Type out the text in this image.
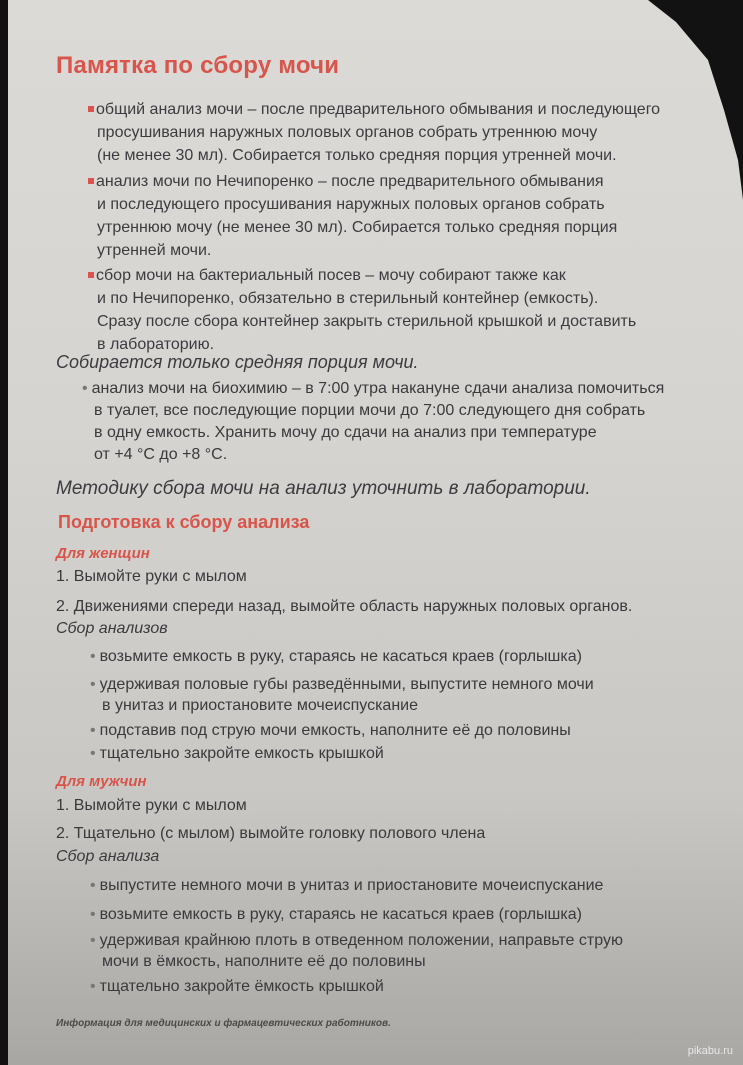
Памятка по сбору мочи
общий анализ мочи – после предварительного обмывания и последующего
просушивания наружных половых органов собрать утреннюю мочу
(не менее 30 мл). Собирается только средняя порция утренней мочи.
анализ мочи по Нечипоренко – после предварительного обмывания
и последующего просушивания наружных половых органов собрать
утреннюю мочу (не менее 30 мл). Собирается только средняя порция
утренней мочи.
сбор мочи на бактериальный посев – мочу собирают также как
и по Нечипоренко, обязательно в стерильный контейнер (емкость).
Сразу после сбора контейнер закрыть стерильной крышкой и доставить
в лабораторию.
Собирается только средняя порция мочи.
• анализ мочи на биохимию – в 7:00 утра накануне сдачи анализа помочиться
в туалет, все последующие порции мочи до 7:00 следующего дня собрать
в одну емкость. Хранить мочу до сдачи на анализ при температуре
от +4 °С до +8 °С.
Методику сбора мочи на анализ уточнить в лаборатории.
Подготовка к сбору анализа
Для женщин
1. Вымойте руки с мылом
2. Движениями спереди назад, вымойте область наружных половых органов.
Сбор анализов
• возьмите емкость в руку, стараясь не касаться краев (горлышка)
• удерживая половые губы разведёнными, выпустите немного мочи
в унитаз и приостановите мочеиспускание
• подставив под струю мочи емкость, наполните её до половины
• тщательно закройте емкость крышкой
Для мужчин
1. Вымойте руки с мылом
2. Тщательно (с мылом) вымойте головку полового члена
Сбор анализа
• выпустите немного мочи в унитаз и приостановите мочеиспускание
• возьмите емкость в руку, стараясь не касаться краев (горлышка)
• удерживая крайнюю плоть в отведенном положении, направьте струю
мочи в ёмкость, наполните её до половины
• тщательно закройте ёмкость крышкой
Информация для медицинских и фармацевтических работников.
pikabu.ru
